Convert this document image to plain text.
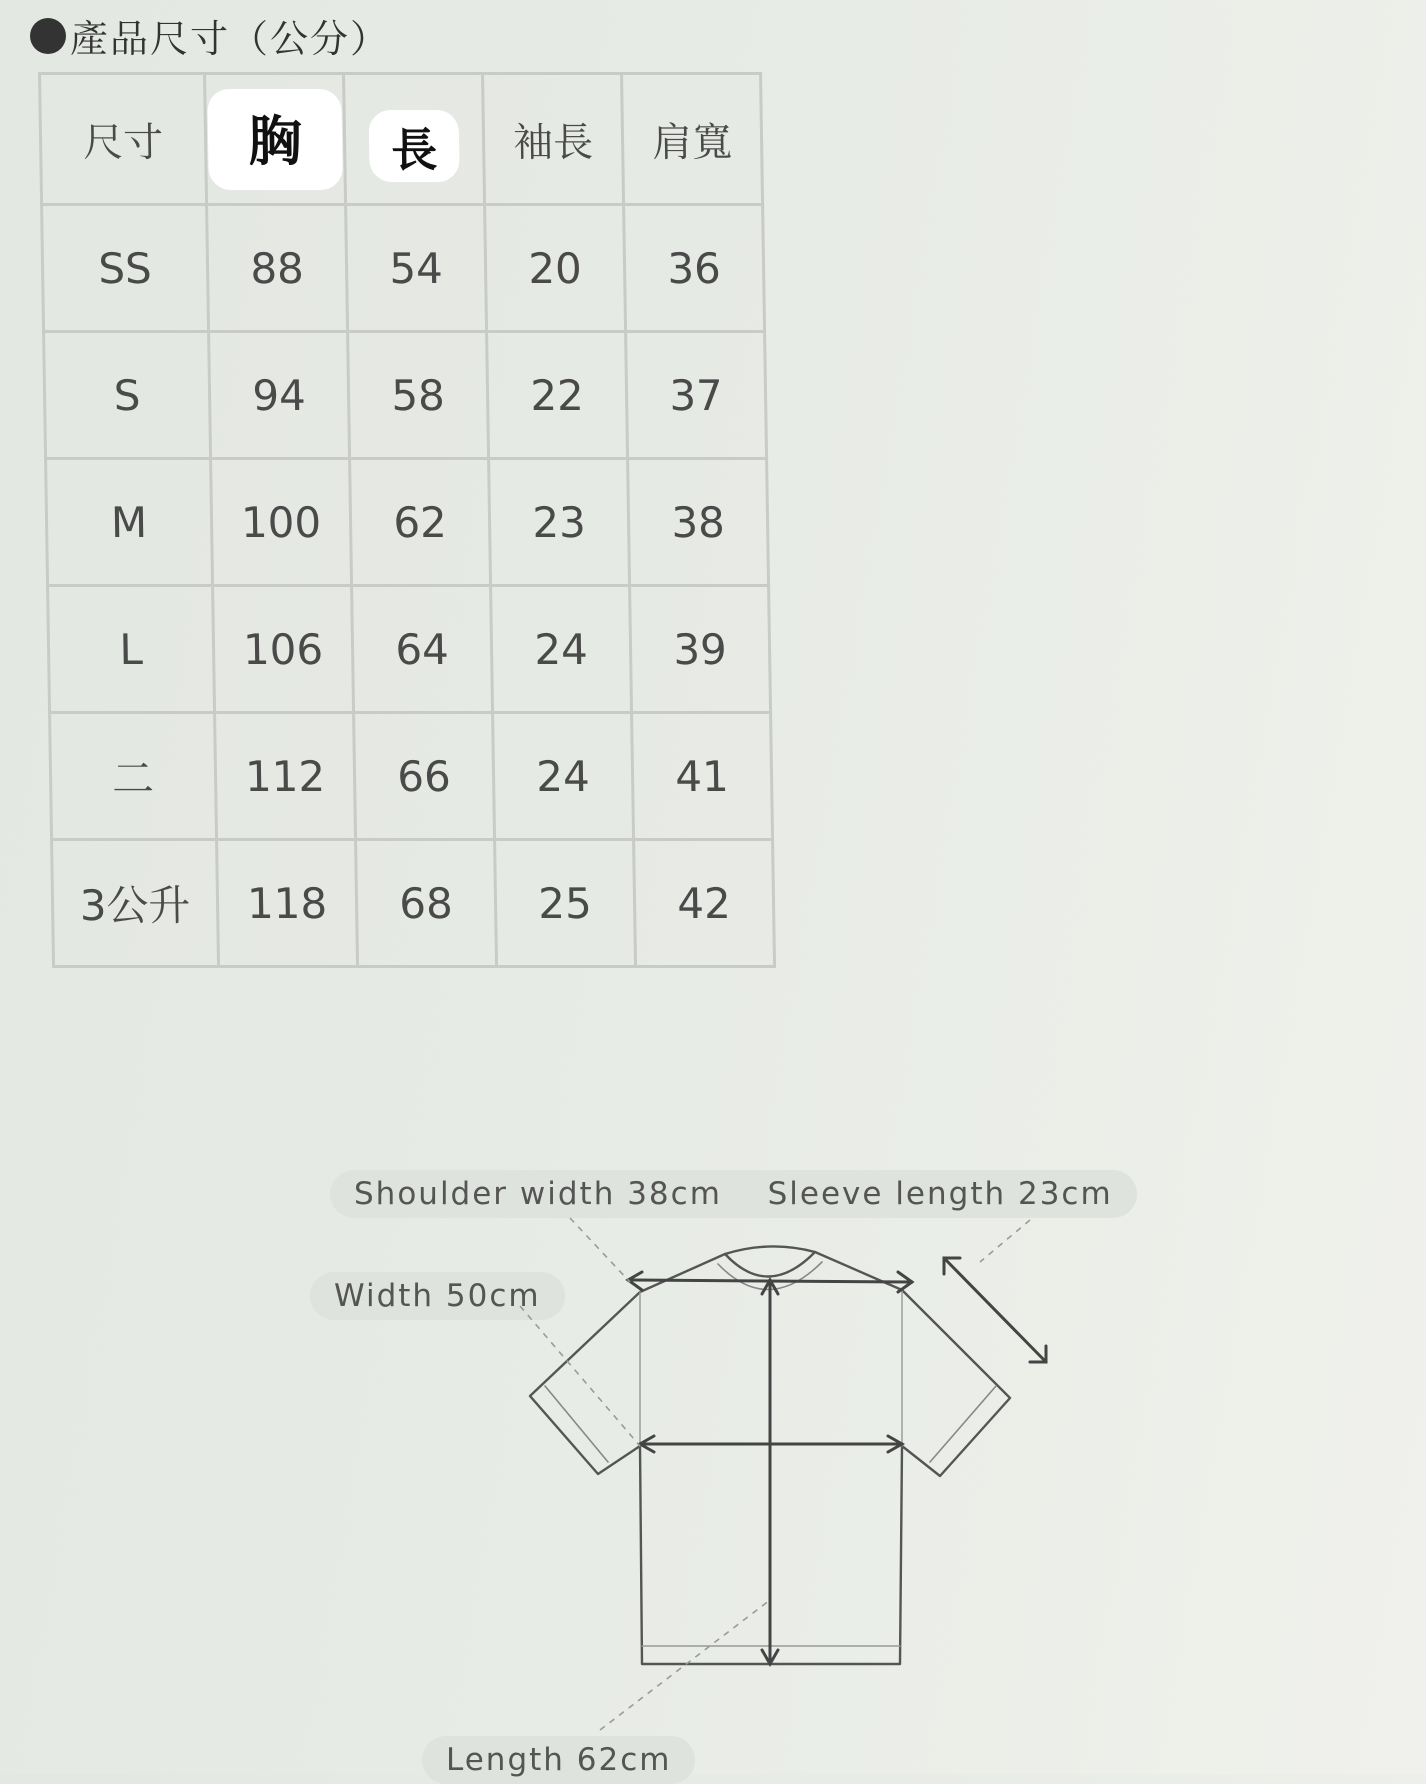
產品尺寸（公分）
尺寸	胸	長	袖長	肩寬
SS	88	54	20	36
S	94	58	22	37
M	100	62	23	38
L	106	64	24	39
二	112	66	24	41
3公升	118	68	25	42
Shoulder width 38cm Sleeve length 23cm
Width 50cm
Length 62cm
